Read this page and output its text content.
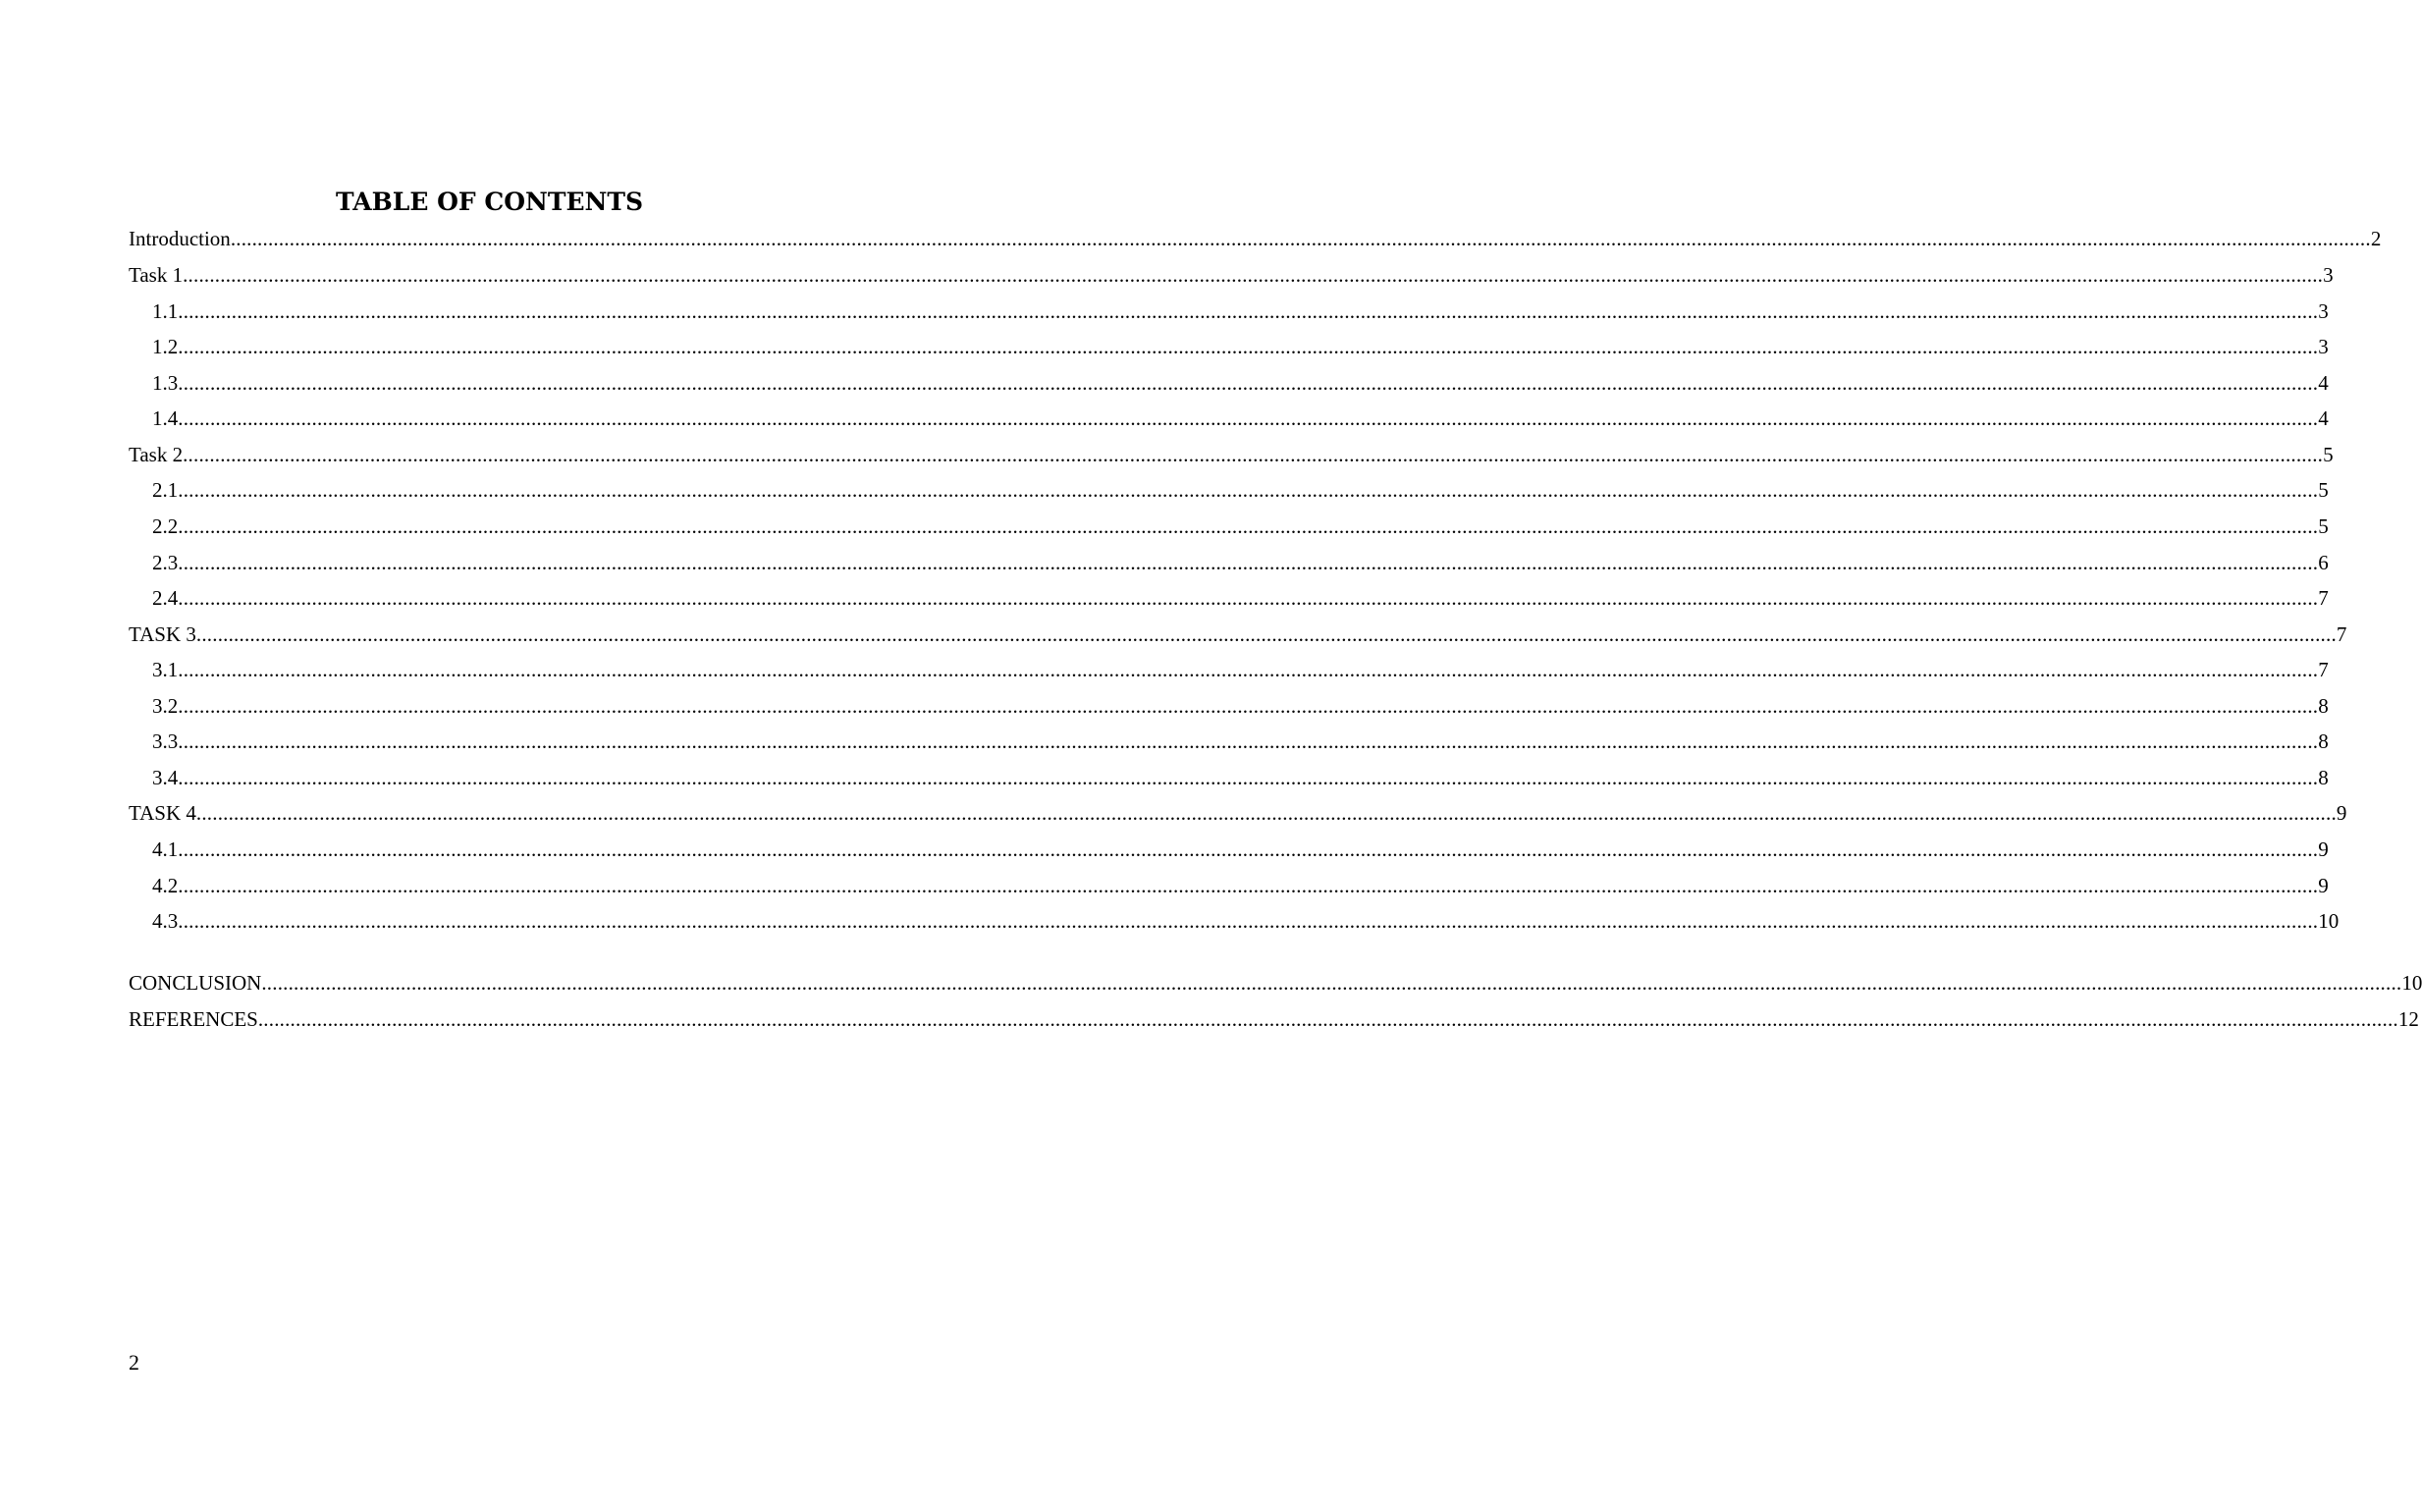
TABLE OF CONTENTS
Introduction ................................................................................................................................................................................................................................................................................................................................................................................................................ 2
Task 1 ................................................................................................................................................................................................................................................................................................................................................................................................................ 3
1.1 ................................................................................................................................................................................................................................................................................................................................................................................................................ 3
1.2 ................................................................................................................................................................................................................................................................................................................................................................................................................ 3
1.3 ................................................................................................................................................................................................................................................................................................................................................................................................................ 4
1.4 ................................................................................................................................................................................................................................................................................................................................................................................................................ 4
Task 2 ................................................................................................................................................................................................................................................................................................................................................................................................................ 5
2.1 ................................................................................................................................................................................................................................................................................................................................................................................................................ 5
2.2 ................................................................................................................................................................................................................................................................................................................................................................................................................ 5
2.3 ................................................................................................................................................................................................................................................................................................................................................................................................................ 6
2.4 ................................................................................................................................................................................................................................................................................................................................................................................................................ 7
TASK 3 ................................................................................................................................................................................................................................................................................................................................................................................................................ 7
3.1 ................................................................................................................................................................................................................................................................................................................................................................................................................ 7
3.2 ................................................................................................................................................................................................................................................................................................................................................................................................................ 8
3.3 ................................................................................................................................................................................................................................................................................................................................................................................................................ 8
3.4 ................................................................................................................................................................................................................................................................................................................................................................................................................ 8
TASK 4 ................................................................................................................................................................................................................................................................................................................................................................................................................ 9
4.1 ................................................................................................................................................................................................................................................................................................................................................................................................................ 9
4.2 ................................................................................................................................................................................................................................................................................................................................................................................................................ 9
4.3 ................................................................................................................................................................................................................................................................................................................................................................................................................ 10
CONCLUSION ................................................................................................................................................................................................................................................................................................................................................................................................................ 10
REFERENCES ................................................................................................................................................................................................................................................................................................................................................................................................................ 12
2
